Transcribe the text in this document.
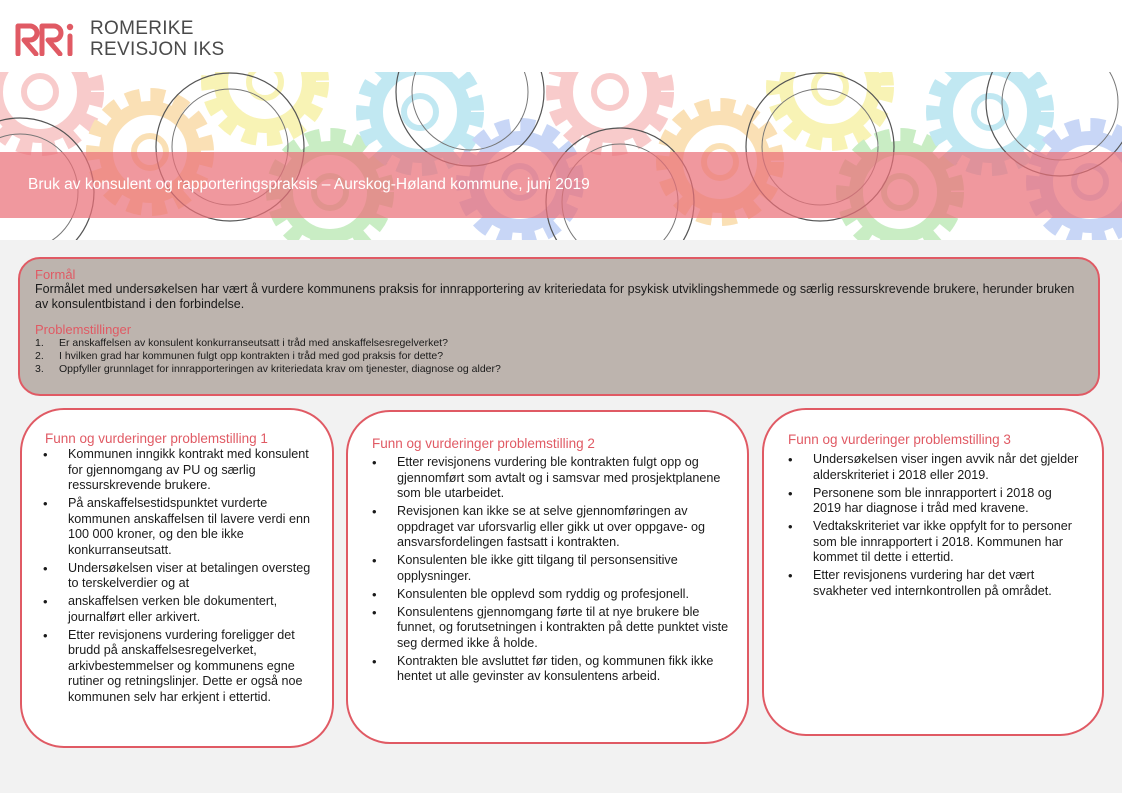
ROMERIKE
REVISJON IKS
Bruk av konsulent og rapporteringspraksis – Aurskog-Høland kommune, juni 2019
Formål
Formålet med undersøkelsen har vært å vurdere kommunens praksis for innrapportering av kriteriedata for psykisk utviklingshemmede og særlig ressurskrevende brukere, herunder bruken av konsulentbistand i den forbindelse.
Problemstillinger
1. Er anskaffelsen av konsulent konkurranseutsatt i tråd med anskaffelsesregelverket?
2. I hvilken grad har kommunen fulgt opp kontrakten i tråd med god praksis for dette?
3. Oppfyller grunnlaget for innrapporteringen av kriteriedata krav om tjenester, diagnose og alder?
Funn og vurderinger problemstilling 1
• Kommunen inngikk kontrakt med konsulent for gjennomgang av PU og særlig ressurskrevende brukere.
• På anskaffelsestidspunktet vurderte kommunen anskaffelsen til lavere verdi enn 100 000 kroner, og den ble ikke konkurranseutsatt.
• Undersøkelsen viser at betalingen oversteg to terskelverdier og at
• anskaffelsen verken ble dokumentert, journalført eller arkivert.
• Etter revisjonens vurdering foreligger det brudd på anskaffelsesregelverket, arkivbestemmelser og kommunens egne rutiner og retningslinjer. Dette er også noe kommunen selv har erkjent i ettertid.
Funn og vurderinger problemstilling 2
• Etter revisjonens vurdering ble kontrakten fulgt opp og gjennomført som avtalt og i samsvar med prosjektplanene som ble utarbeidet.
• Revisjonen kan ikke se at selve gjennomføringen av oppdraget var uforsvarlig eller gikk ut over oppgave- og ansvarsfordelingen fastsatt i kontrakten.
• Konsulenten ble ikke gitt tilgang til personsensitive opplysninger.
• Konsulenten ble opplevd som ryddig og profesjonell.
• Konsulentens gjennomgang førte til at nye brukere ble funnet, og forutsetningen i kontrakten på dette punktet viste seg dermed ikke å holde.
• Kontrakten ble avsluttet før tiden, og kommunen fikk ikke hentet ut alle gevinster av konsulentens arbeid.
Funn og vurderinger problemstilling 3
• Undersøkelsen viser ingen avvik når det gjelder alderskriteriet i 2018 eller 2019.
• Personene som ble innrapportert i 2018 og 2019 har diagnose i tråd med kravene.
• Vedtakskriteriet var ikke oppfylt for to personer som ble innrapportert i 2018. Kommunen har kommet til dette i ettertid.
• Etter revisjonens vurdering har det vært svakheter ved internkontrollen på området.
